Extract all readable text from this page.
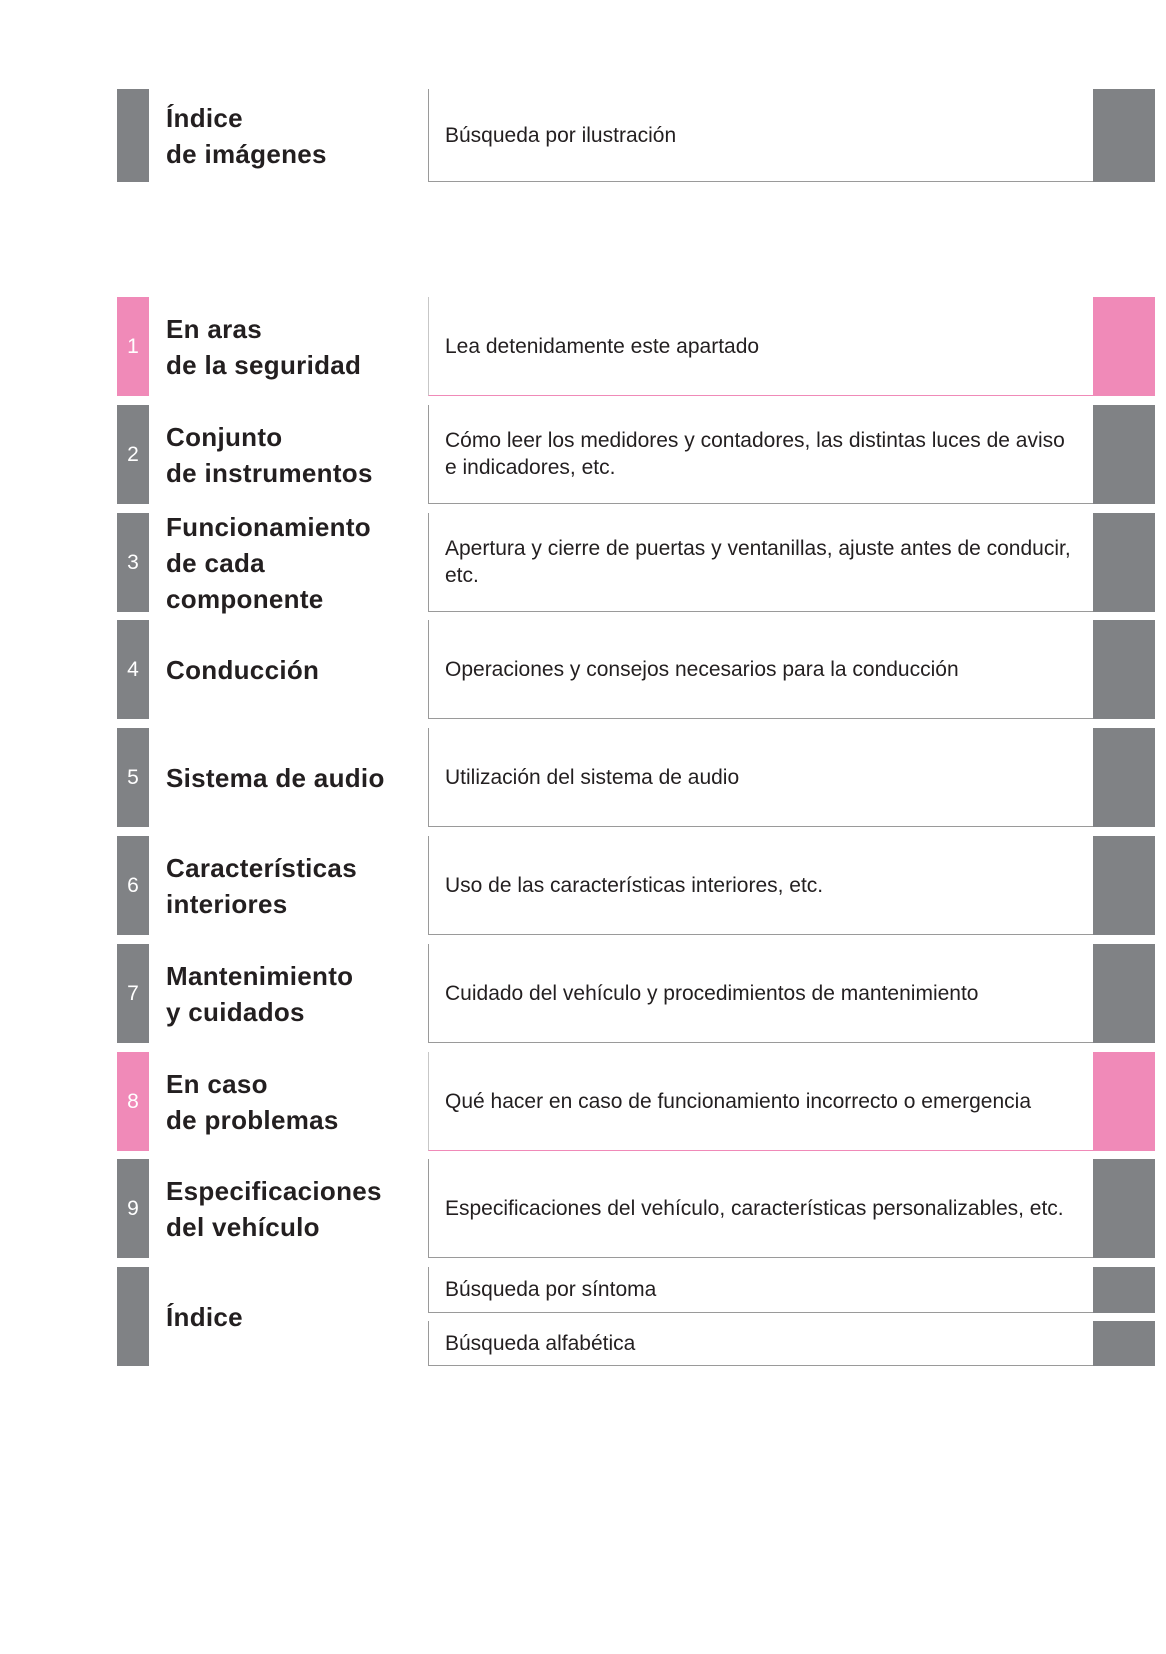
Índice
de imágenes
Búsqueda por ilustración
1
En aras
de la seguridad
Lea detenidamente este apartado
2
Conjunto
de instrumentos
Cómo leer los medidores y contadores, las distintas luces de aviso e indicadores, etc.
3
Funcionamiento
de cada
componente
Apertura y cierre de puertas y ventanillas, ajuste antes de conducir, etc.
4 Conducción	Operaciones y consejos necesarios para la conducción
5 Sistema de audio	Utilización del sistema de audio
6
Características
interiores
Uso de las características interiores, etc.
7
Mantenimiento
y cuidados
Cuidado del vehículo y procedimientos de mantenimiento
8
En caso
de problemas
Qué hacer en caso de funcionamiento incorrecto o emergencia
9
Especificaciones
del vehículo
Especificaciones del vehículo, características personalizables, etc.
Índice
Búsqueda por síntoma
Búsqueda alfabética
